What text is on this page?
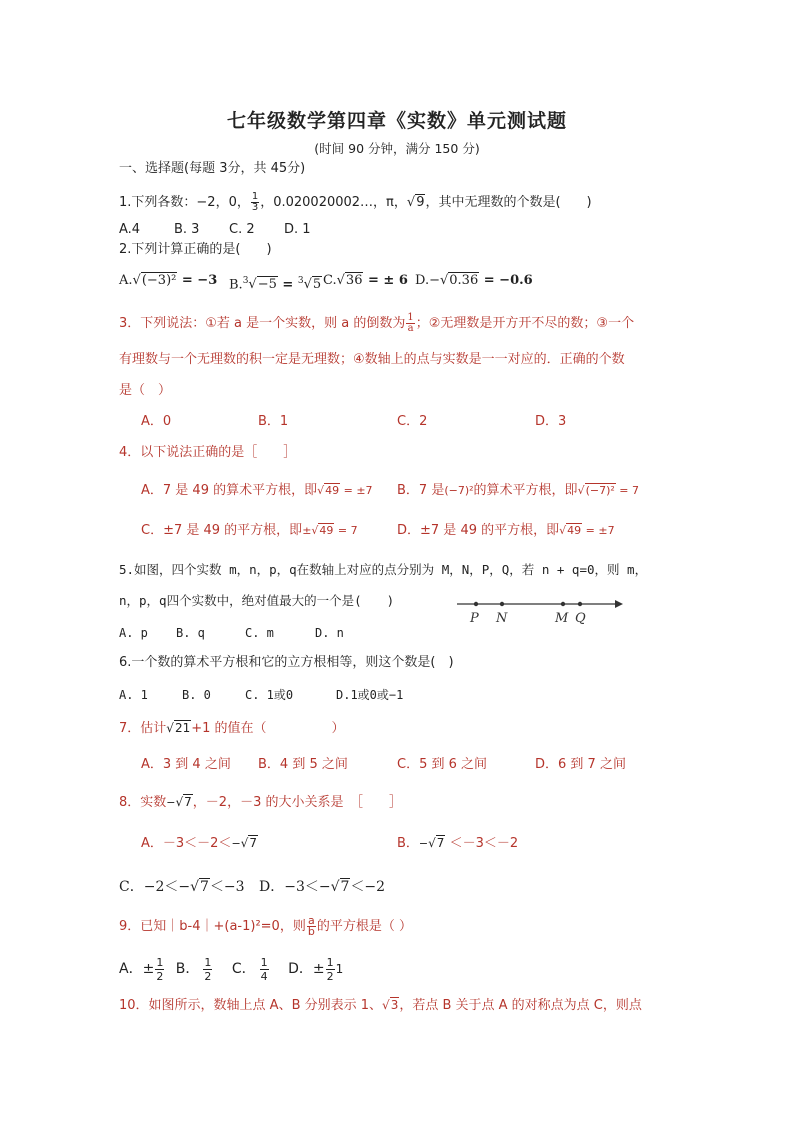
七年级数学第四章《实数》单元测试题
(时间 90 分钟，满分 150 分)
一、选择题(每题 3分，共 45分)
1.下列各数：−2，0， $\frac{1}{3}$ ，0.020020002…，π，√9，其中无理数的个数是(　　)
A.4	B. 3 C. 2 D. 1
2.下列计算正确的是(　　)
A.√(−3)² = −3 B.$^3$√−5 = $^3$√5 C.√36 = ± 6 D.−√0.36 = −0.6
3．下列说法：①若 a 是一个实数，则 a 的倒数为 $\frac{1}{a}$ ；②无理数是开方开不尽的数；③一个
有理数与一个无理数的积一定是无理数；④数轴上的点与实数是一一对应的．正确的个数
是（　）
A．0	B．1	C．2	D．3
4．以下说法正确的是［　　］
A．7 是 49 的算术平方根，即√49 = ±7 B．7 是(−7)²的算术平方根，即√(−7)² = 7
C．±7 是 49 的平方根，即±√49 = 7	D．±7 是 49 的平方根，即√49 = ±7
5.如图，四个实数 m，n，p，q在数轴上对应的点分别为 M，N，P，Q，若 n + q=0，则 m，
n，p，q四个实数中，绝对值最大的一个是(　　)
P N	M Q
A. p B. q	C. m	D. n
6.一个数的算术平方根和它的立方根相等，则这个数是(　)
A. 1	B. 0	C. 1或0	D.1或0或−1
7．估计√21+1 的值在（　　　　　）
A．3 到 4 之间 B．4 到 5 之间	C．5 到 6 之间	D．6 到 7 之间
8．实数−√7，－2，－3 的大小关系是　［　　］
A．－3＜－2＜−√7	B．−√7 ＜－3＜－2
C．−2＜−√7＜−3 D．−3＜−√7＜−2
9．已知｜b-4｜+(a-1)²=0，则 $\frac{a}{b}$ 的平方根是（ ）
A．± $\frac{1}{2}$ B． $\frac{1}{2}$ C． $\frac{1}{4}$ D．± $\frac{1}{2} 1$
10．如图所示，数轴上点 A、B 分别表示 1、√3，若点 B 关于点 A 的对称点为点 C，则点
